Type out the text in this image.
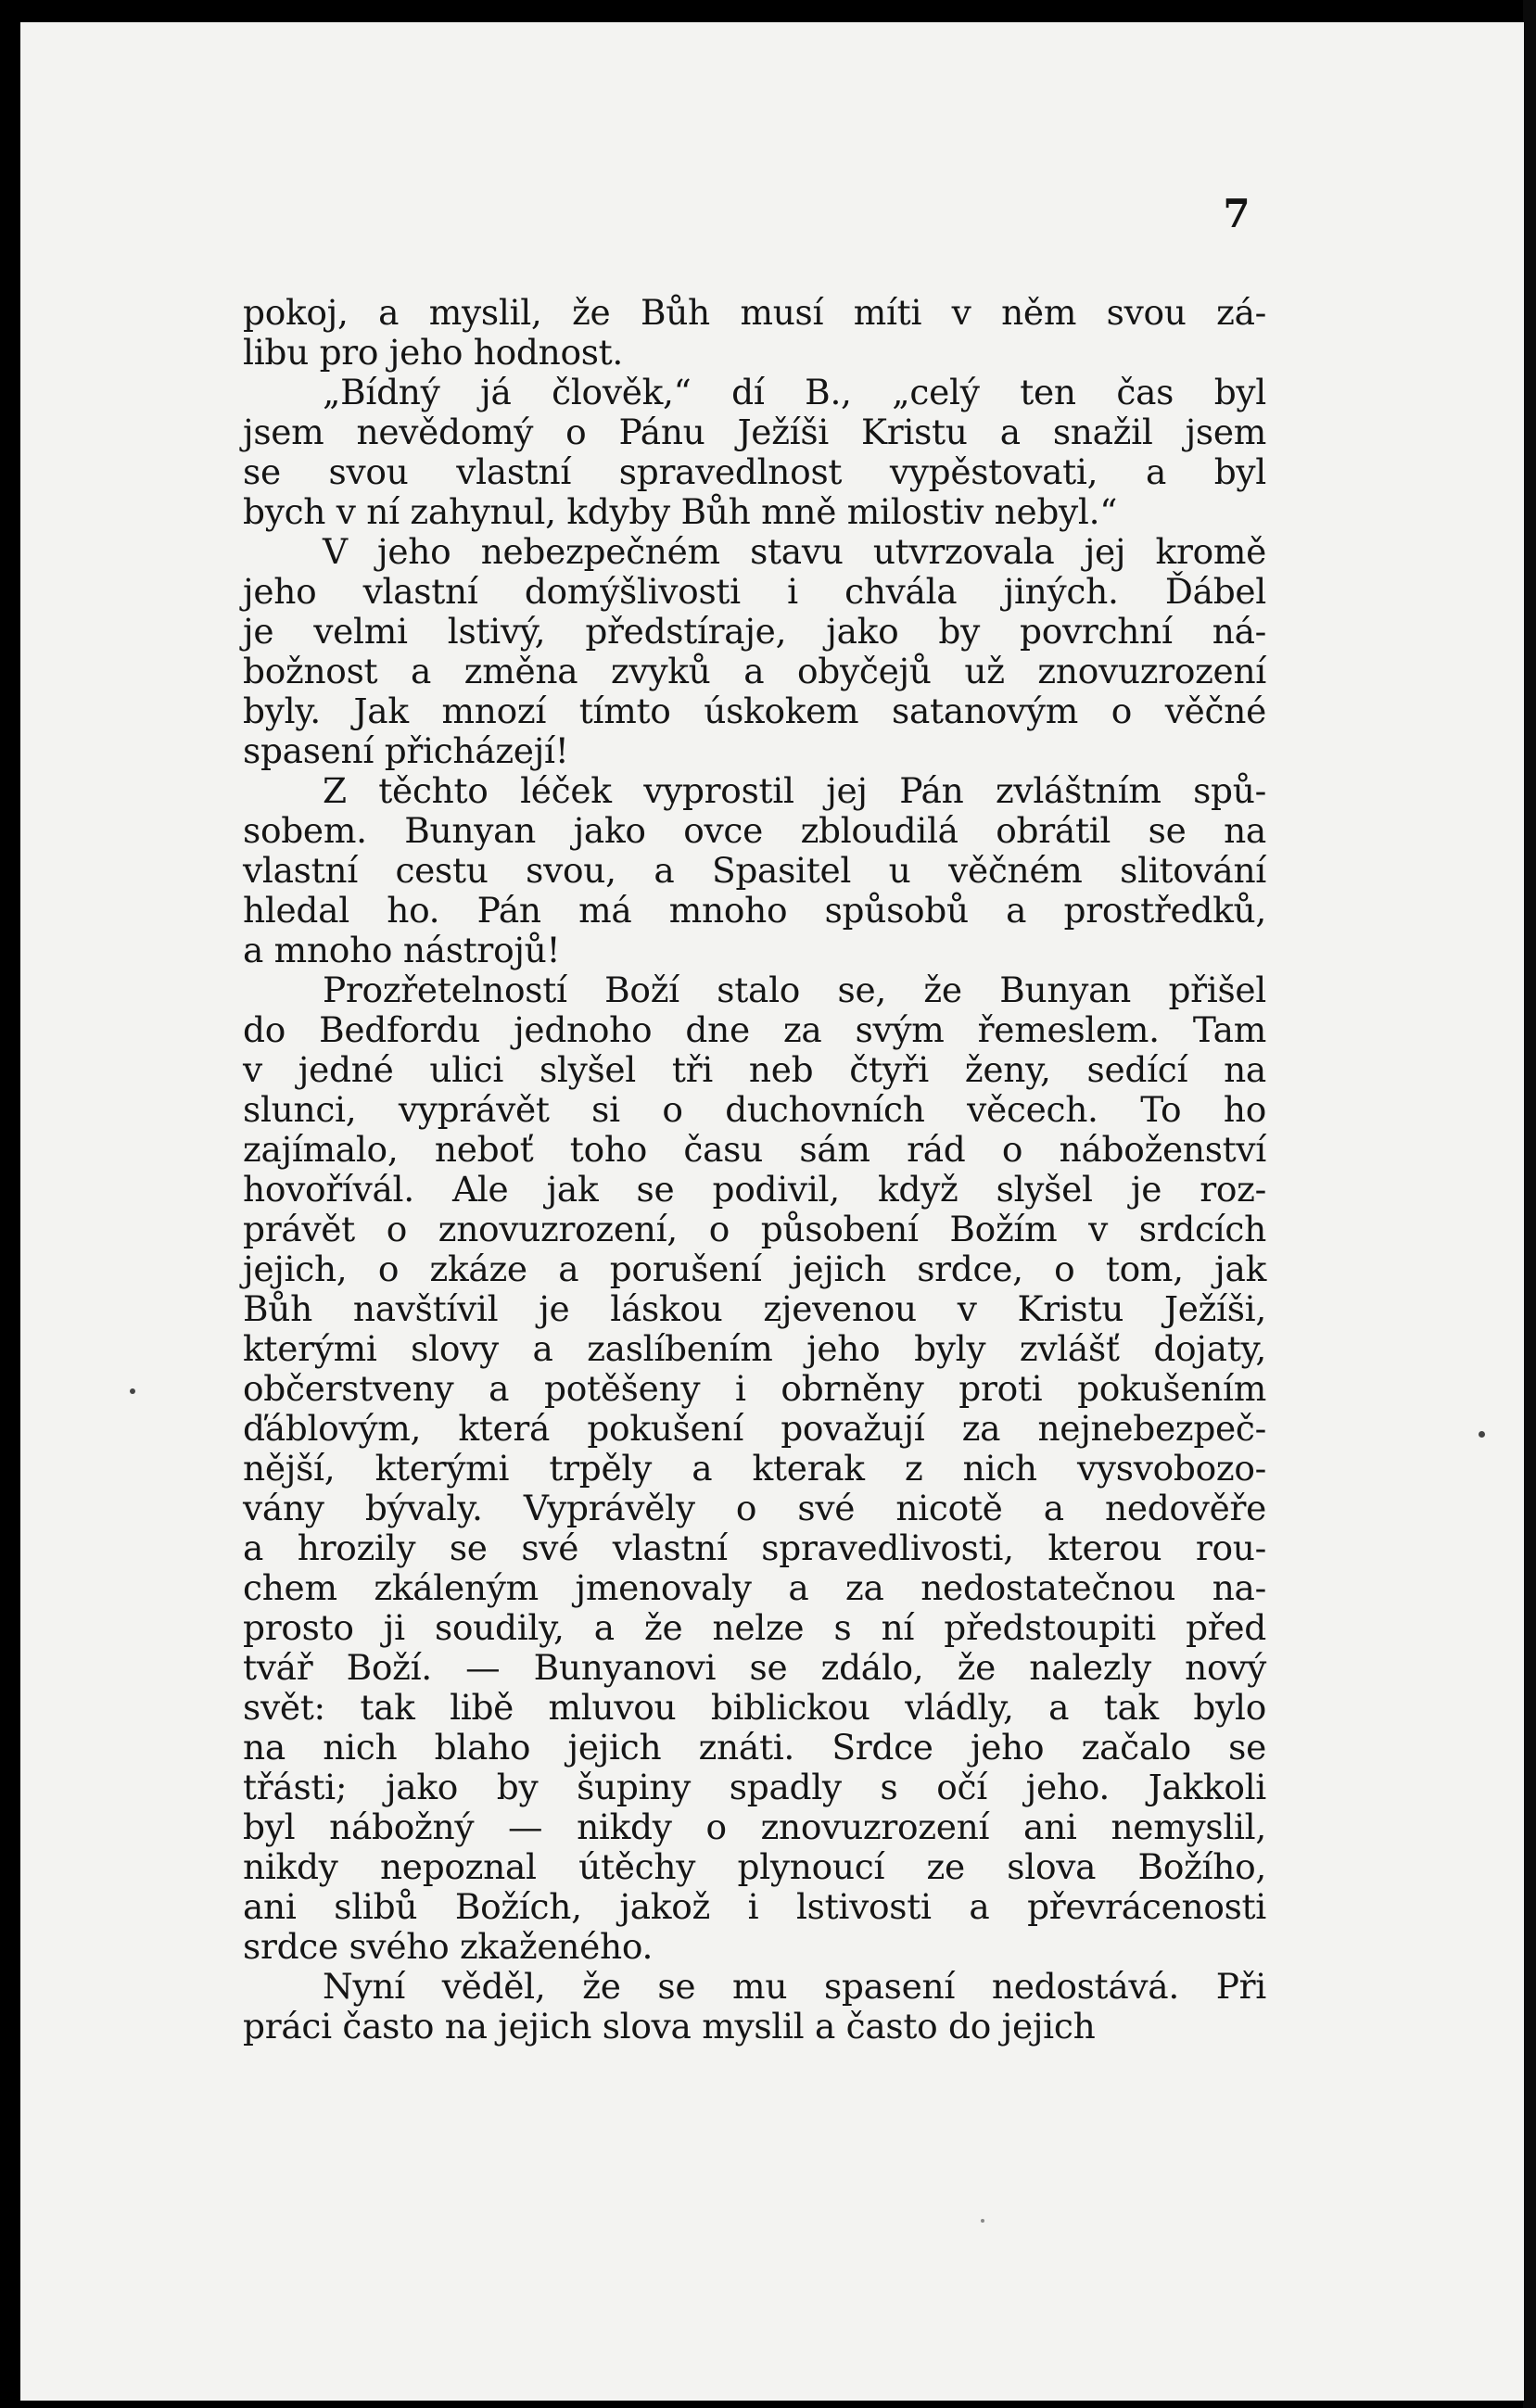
7

pokoj, a myslil, že Bůh musí míti v něm svou zá-
libu pro jeho hodnost.

„Bídný já člověk,“ dí B., „celý ten čas byl
jsem nevědomý o Pánu Ježíši Kristu a snažil jsem
se svou vlastní spravedlnost vypěstovati, a byl
bych v ní zahynul, kdyby Bůh mně milostiv nebyl.“

V jeho nebezpečném stavu utvrzovala jej kromě
jeho vlastní domýšlivosti i chvála jiných. Ďábel
je velmi lstivý, předstíraje, jako by povrchní ná-
božnost a změna zvyků a obyčejů už znovuzrození
byly. Jak mnozí tímto úskokem satanovým o věčné
spasení přicházejí!

Z těchto léček vyprostil jej Pán zvláštním spů-
sobem. Bunyan jako ovce zbloudilá obrátil se na
vlastní cestu svou, a Spasitel u věčném slitování
hledal ho. Pán má mnoho spůsobů a prostředků,
a mnoho nástrojů!

Prozřetelností Boží stalo se, že Bunyan přišel
do Bedfordu jednoho dne za svým řemeslem. Tam
v jedné ulici slyšel tři neb čtyři ženy, sedící na
slunci, vyprávět si o duchovních věcech. To ho
zajímalo, neboť toho času sám rád o náboženství
hovořívál. Ale jak se podivil, když slyšel je roz-
právět o znovuzrození, o působení Božím v srdcích
jejich, o zkáze a porušení jejich srdce, o tom, jak
Bůh navštívil je láskou zjevenou v Kristu Ježíši,
kterými slovy a zaslíbením jeho byly zvlášť dojaty,
občerstveny a potěšeny i obrněny proti pokušením
ďáblovým, která pokušení považují za nejnebezpeč-
nější, kterými trpěly a kterak z nich vysvobozo-
vány bývaly. Vyprávěly o své nicotě a nedověře
a hrozily se své vlastní spravedlivosti, kterou rou-
chem zkáleným jmenovaly a za nedostatečnou na-
prosto ji soudily, a že nelze s ní předstoupiti před
tvář Boží. — Bunyanovi se zdálo, že nalezly nový
svět: tak libě mluvou biblickou vládly, a tak bylo
na nich blaho jejich znáti. Srdce jeho začalo se
třásti; jako by šupiny spadly s očí jeho. Jakkoli
byl nábožný — nikdy o znovuzrození ani nemyslil,
nikdy nepoznal útěchy plynoucí ze slova Božího,
ani slibů Božích, jakož i lstivosti a převrácenosti
srdce svého zkaženého.

Nyní věděl, že se mu spasení nedostává. Při
práci často na jejich slova myslil a často do jejich
